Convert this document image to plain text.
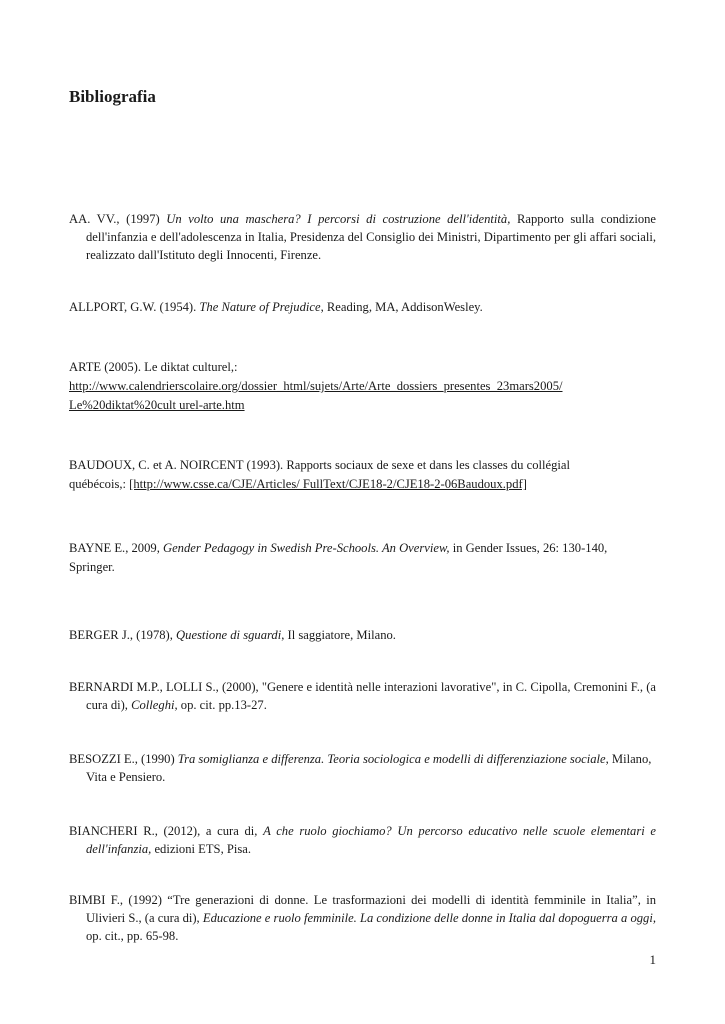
Bibliografia

AA. VV., (1997) Un volto una maschera? I percorsi di costruzione dell'identità, Rapporto sulla condizione dell'infanzia e dell'adolescenza in Italia, Presidenza del Consiglio dei Ministri, Dipartimento per gli affari sociali, realizzato dall'Istituto degli Innocenti, Firenze.

ALLPORT, G.W. (1954). The Nature of Prejudice, Reading, MA, AddisonWesley.

ARTE (2005). Le diktat culturel,:
http://www.calendrierscolaire.org/dossier_html/sujets/Arte/Arte_dossiers_presentes_23mars2005/
Le%20diktat%20cult urel-arte.htm

BAUDOUX, C. et A. NOIRCENT (1993). Rapports sociaux de sexe et dans les classes du collégial
québécois,: [http://www.csse.ca/CJE/Articles/ FullText/CJE18-2/CJE18-2-06Baudoux.pdf]

BAYNE E., 2009, Gender Pedagogy in Swedish Pre-Schools. An Overview, in Gender Issues, 26: 130-140,
Springer.

BERGER J., (1978), Questione di sguardi, Il saggiatore, Milano.

BERNARDI M.P., LOLLI S., (2000), "Genere e identità nelle interazioni lavorative", in C. Cipolla, Cremonini F., (a cura di), Colleghi, op. cit. pp.13-27.

BESOZZI E., (1990) Tra somiglianza e differenza. Teoria sociologica e modelli di differenziazione sociale, Milano, Vita e Pensiero.

BIANCHERI R., (2012), a cura di, A che ruolo giochiamo? Un percorso educativo nelle scuole elementari e dell'infanzia, edizioni ETS, Pisa.

BIMBI F., (1992) “Tre generazioni di donne. Le trasformazioni dei modelli di identità femminile in Italia”, in Ulivieri S., (a cura di), Educazione e ruolo femminile. La condizione delle donne in Italia dal dopoguerra a oggi, op. cit., pp. 65-98.

1
